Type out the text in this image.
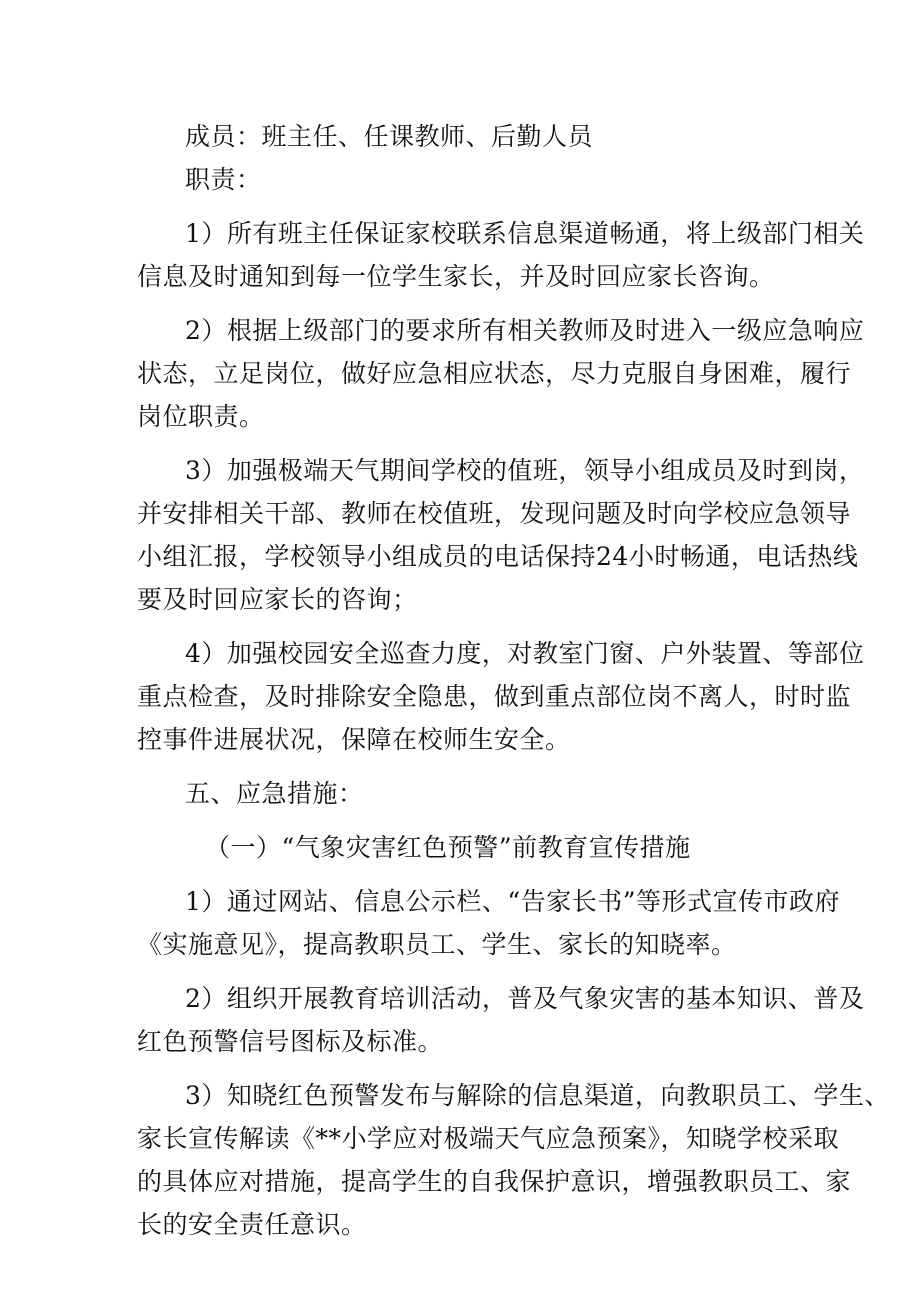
成员：班主任、任课教师、后勤人员
职责：
1）所有班主任保证家校联系信息渠道畅通，将上级部门相关
信息及时通知到每一位学生家长，并及时回应家长咨询。
2）根据上级部门的要求所有相关教师及时进入一级应急响应
状态，立足岗位，做好应急相应状态，尽力克服自身困难，履行
岗位职责。
3）加强极端天气期间学校的值班，领导小组成员及时到岗，
并安排相关干部、教师在校值班，发现问题及时向学校应急领导
小组汇报，学校领导小组成员的电话保持24小时畅通，电话热线
要及时回应家长的咨询；
4）加强校园安全巡查力度，对教室门窗、户外装置、等部位
重点检查，及时排除安全隐患，做到重点部位岗不离人，时时监
控事件进展状况，保障在校师生安全。
五、应急措施：
（一）“气象灾害红色预警”前教育宣传措施
1）通过网站、信息公示栏、“告家长书”等形式宣传市政府
《实施意见》，提高教职员工、学生、家长的知晓率。
2）组织开展教育培训活动，普及气象灾害的基本知识、普及
红色预警信号图标及标准。
3）知晓红色预警发布与解除的信息渠道，向教职员工、学生、
家长宣传解读《**小学应对极端天气应急预案》，知晓学校采取
的具体应对措施，提高学生的自我保护意识，增强教职员工、家
长的安全责任意识。
